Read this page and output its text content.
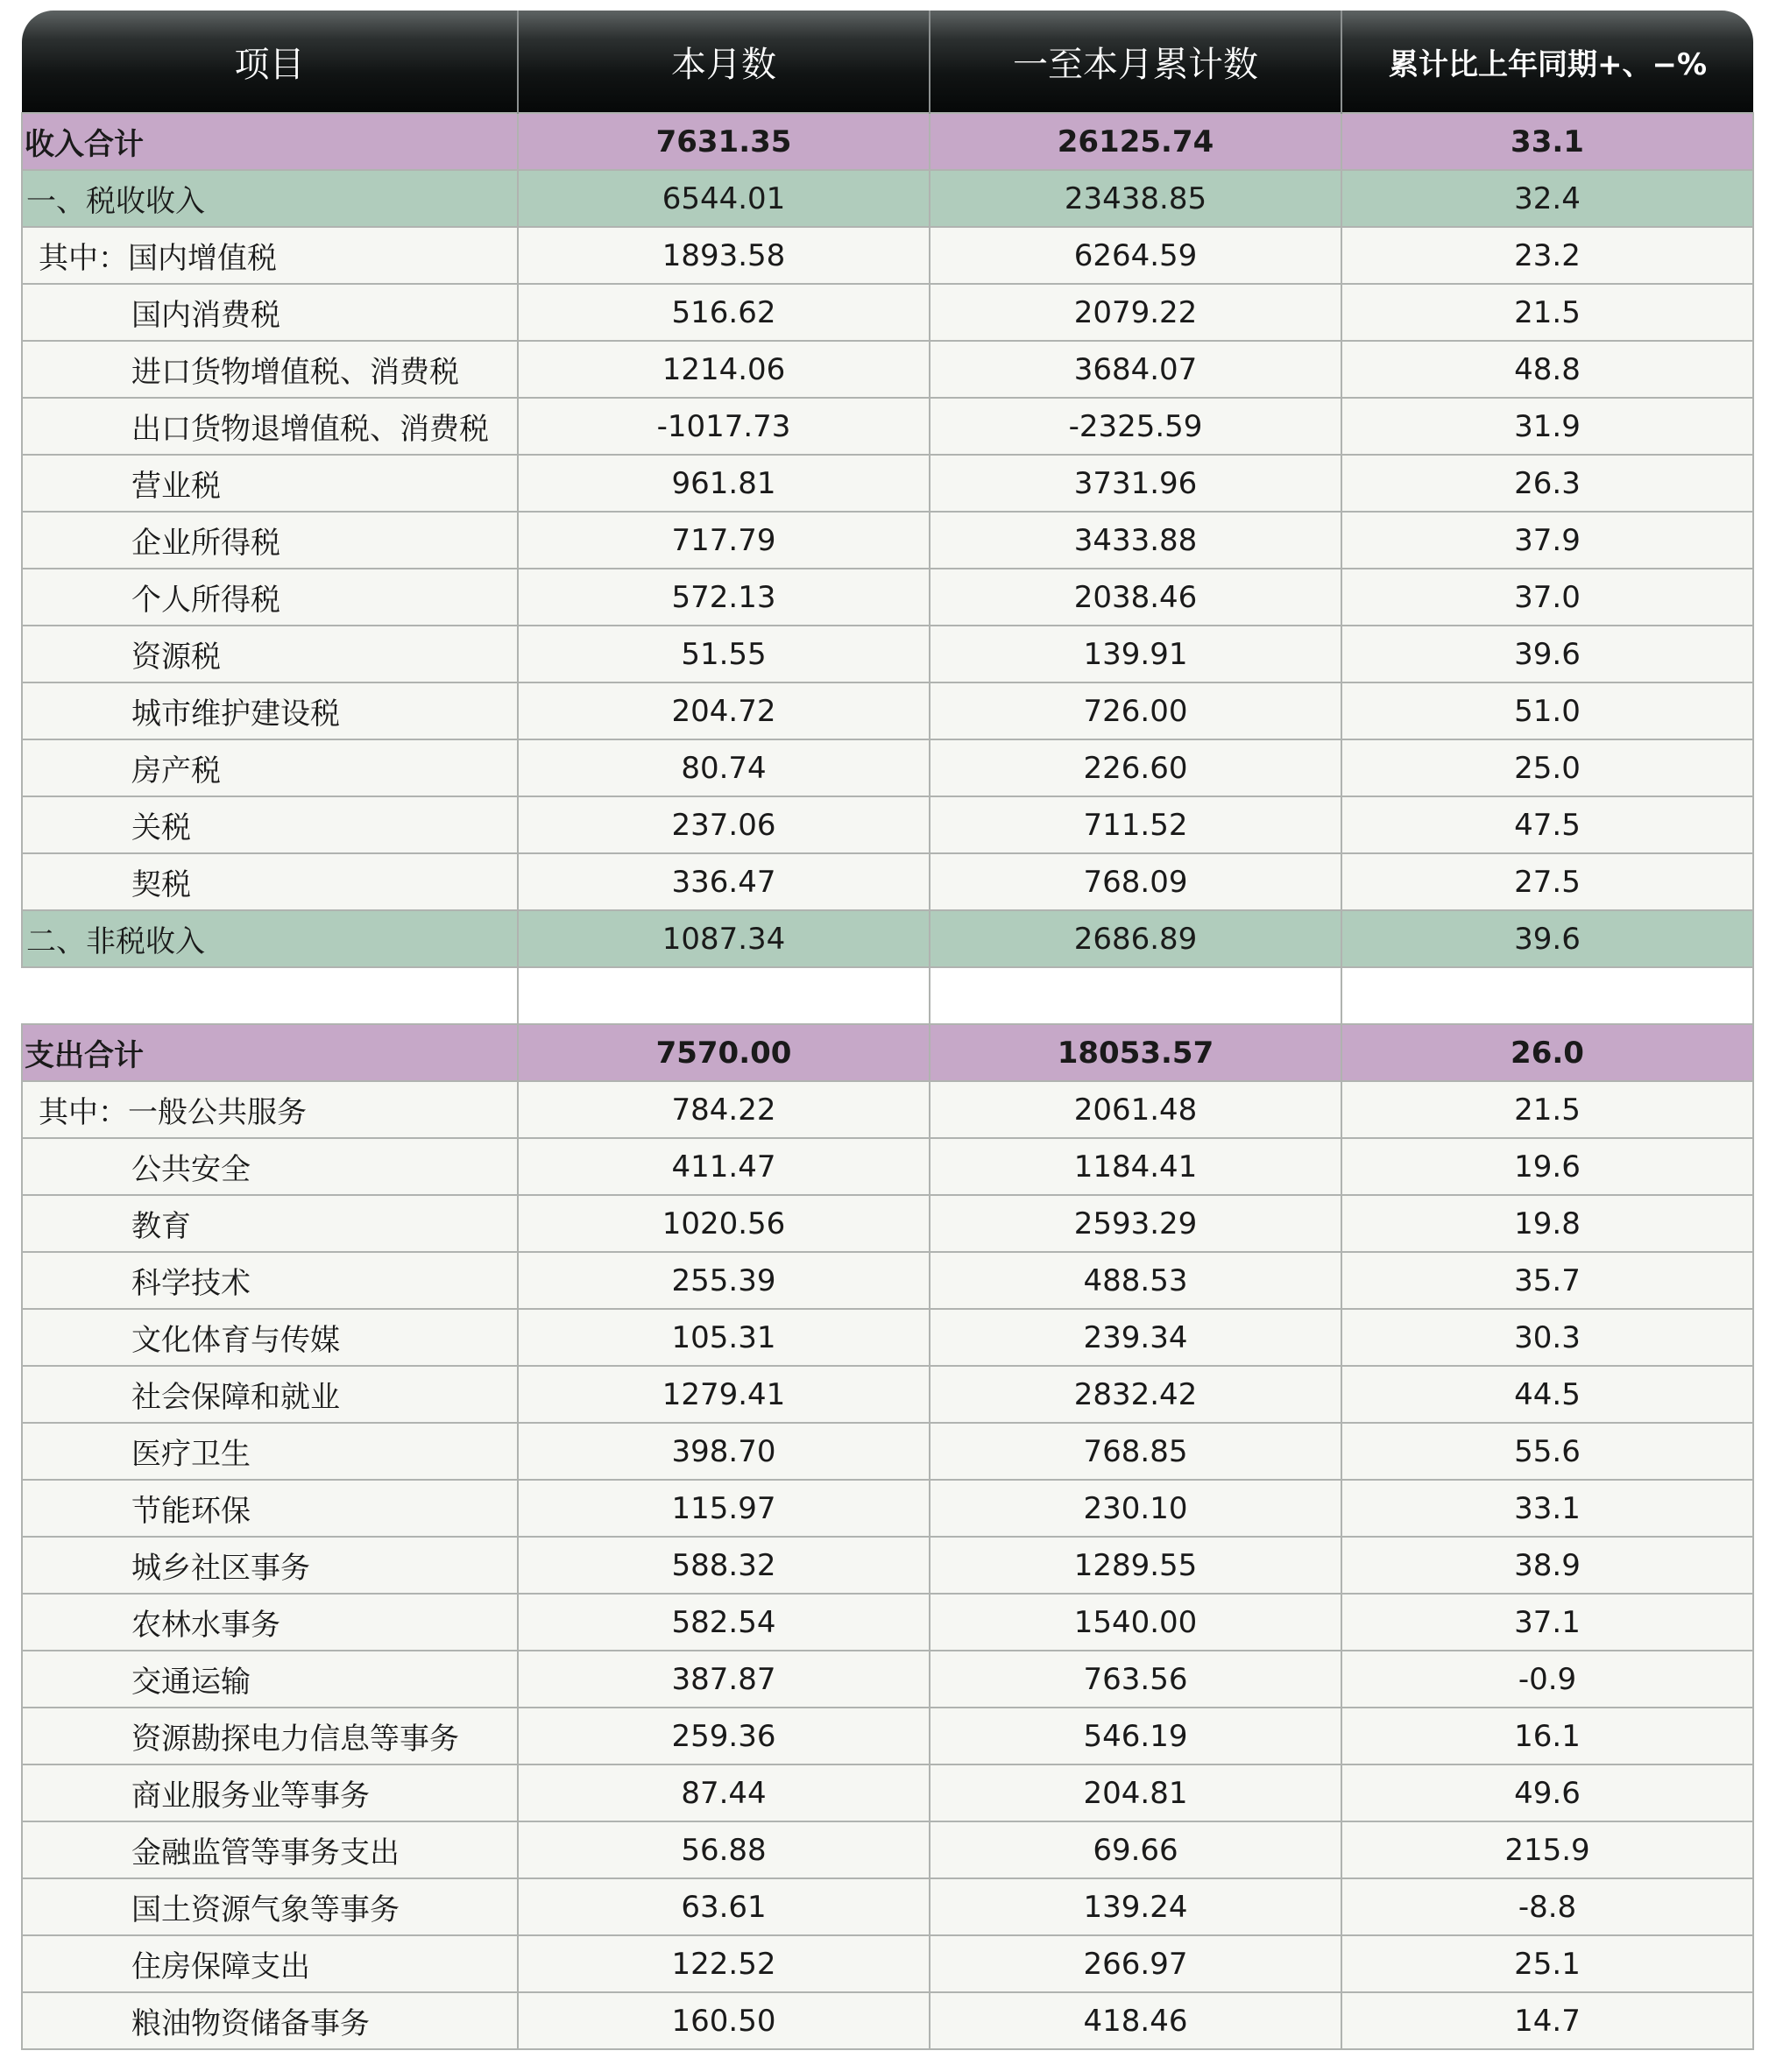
项目	本月数	一至本月累计数	累计比上年同期+、−%
收入合计	7631.35	26125.74	33.1
一、税收收入	6544.01	23438.85	32.4
其中：国内增值税	1893.58	6264.59	23.2
国内消费税	516.62	2079.22	21.5
进口货物增值税、消费税	1214.06	3684.07	48.8
出口货物退增值税、消费税	-1017.73	-2325.59	31.9
营业税	961.81	3731.96	26.3
企业所得税	717.79	3433.88	37.9
个人所得税	572.13	2038.46	37.0
资源税	51.55	139.91	39.6
城市维护建设税	204.72	726.00	51.0
房产税	80.74	226.60	25.0
关税	237.06	711.52	47.5
契税	336.47	768.09	27.5
二、非税收入	1087.34	2686.89	39.6

支出合计	7570.00	18053.57	26.0
其中：一般公共服务	784.22	2061.48	21.5
公共安全	411.47	1184.41	19.6
教育	1020.56	2593.29	19.8
科学技术	255.39	488.53	35.7
文化体育与传媒	105.31	239.34	30.3
社会保障和就业	1279.41	2832.42	44.5
医疗卫生	398.70	768.85	55.6
节能环保	115.97	230.10	33.1
城乡社区事务	588.32	1289.55	38.9
农林水事务	582.54	1540.00	37.1
交通运输	387.87	763.56	-0.9
资源勘探电力信息等事务	259.36	546.19	16.1
商业服务业等事务	87.44	204.81	49.6
金融监管等事务支出	56.88	69.66	215.9
国土资源气象等事务	63.61	139.24	-8.8
住房保障支出	122.52	266.97	25.1
粮油物资储备事务	160.50	418.46	14.7
